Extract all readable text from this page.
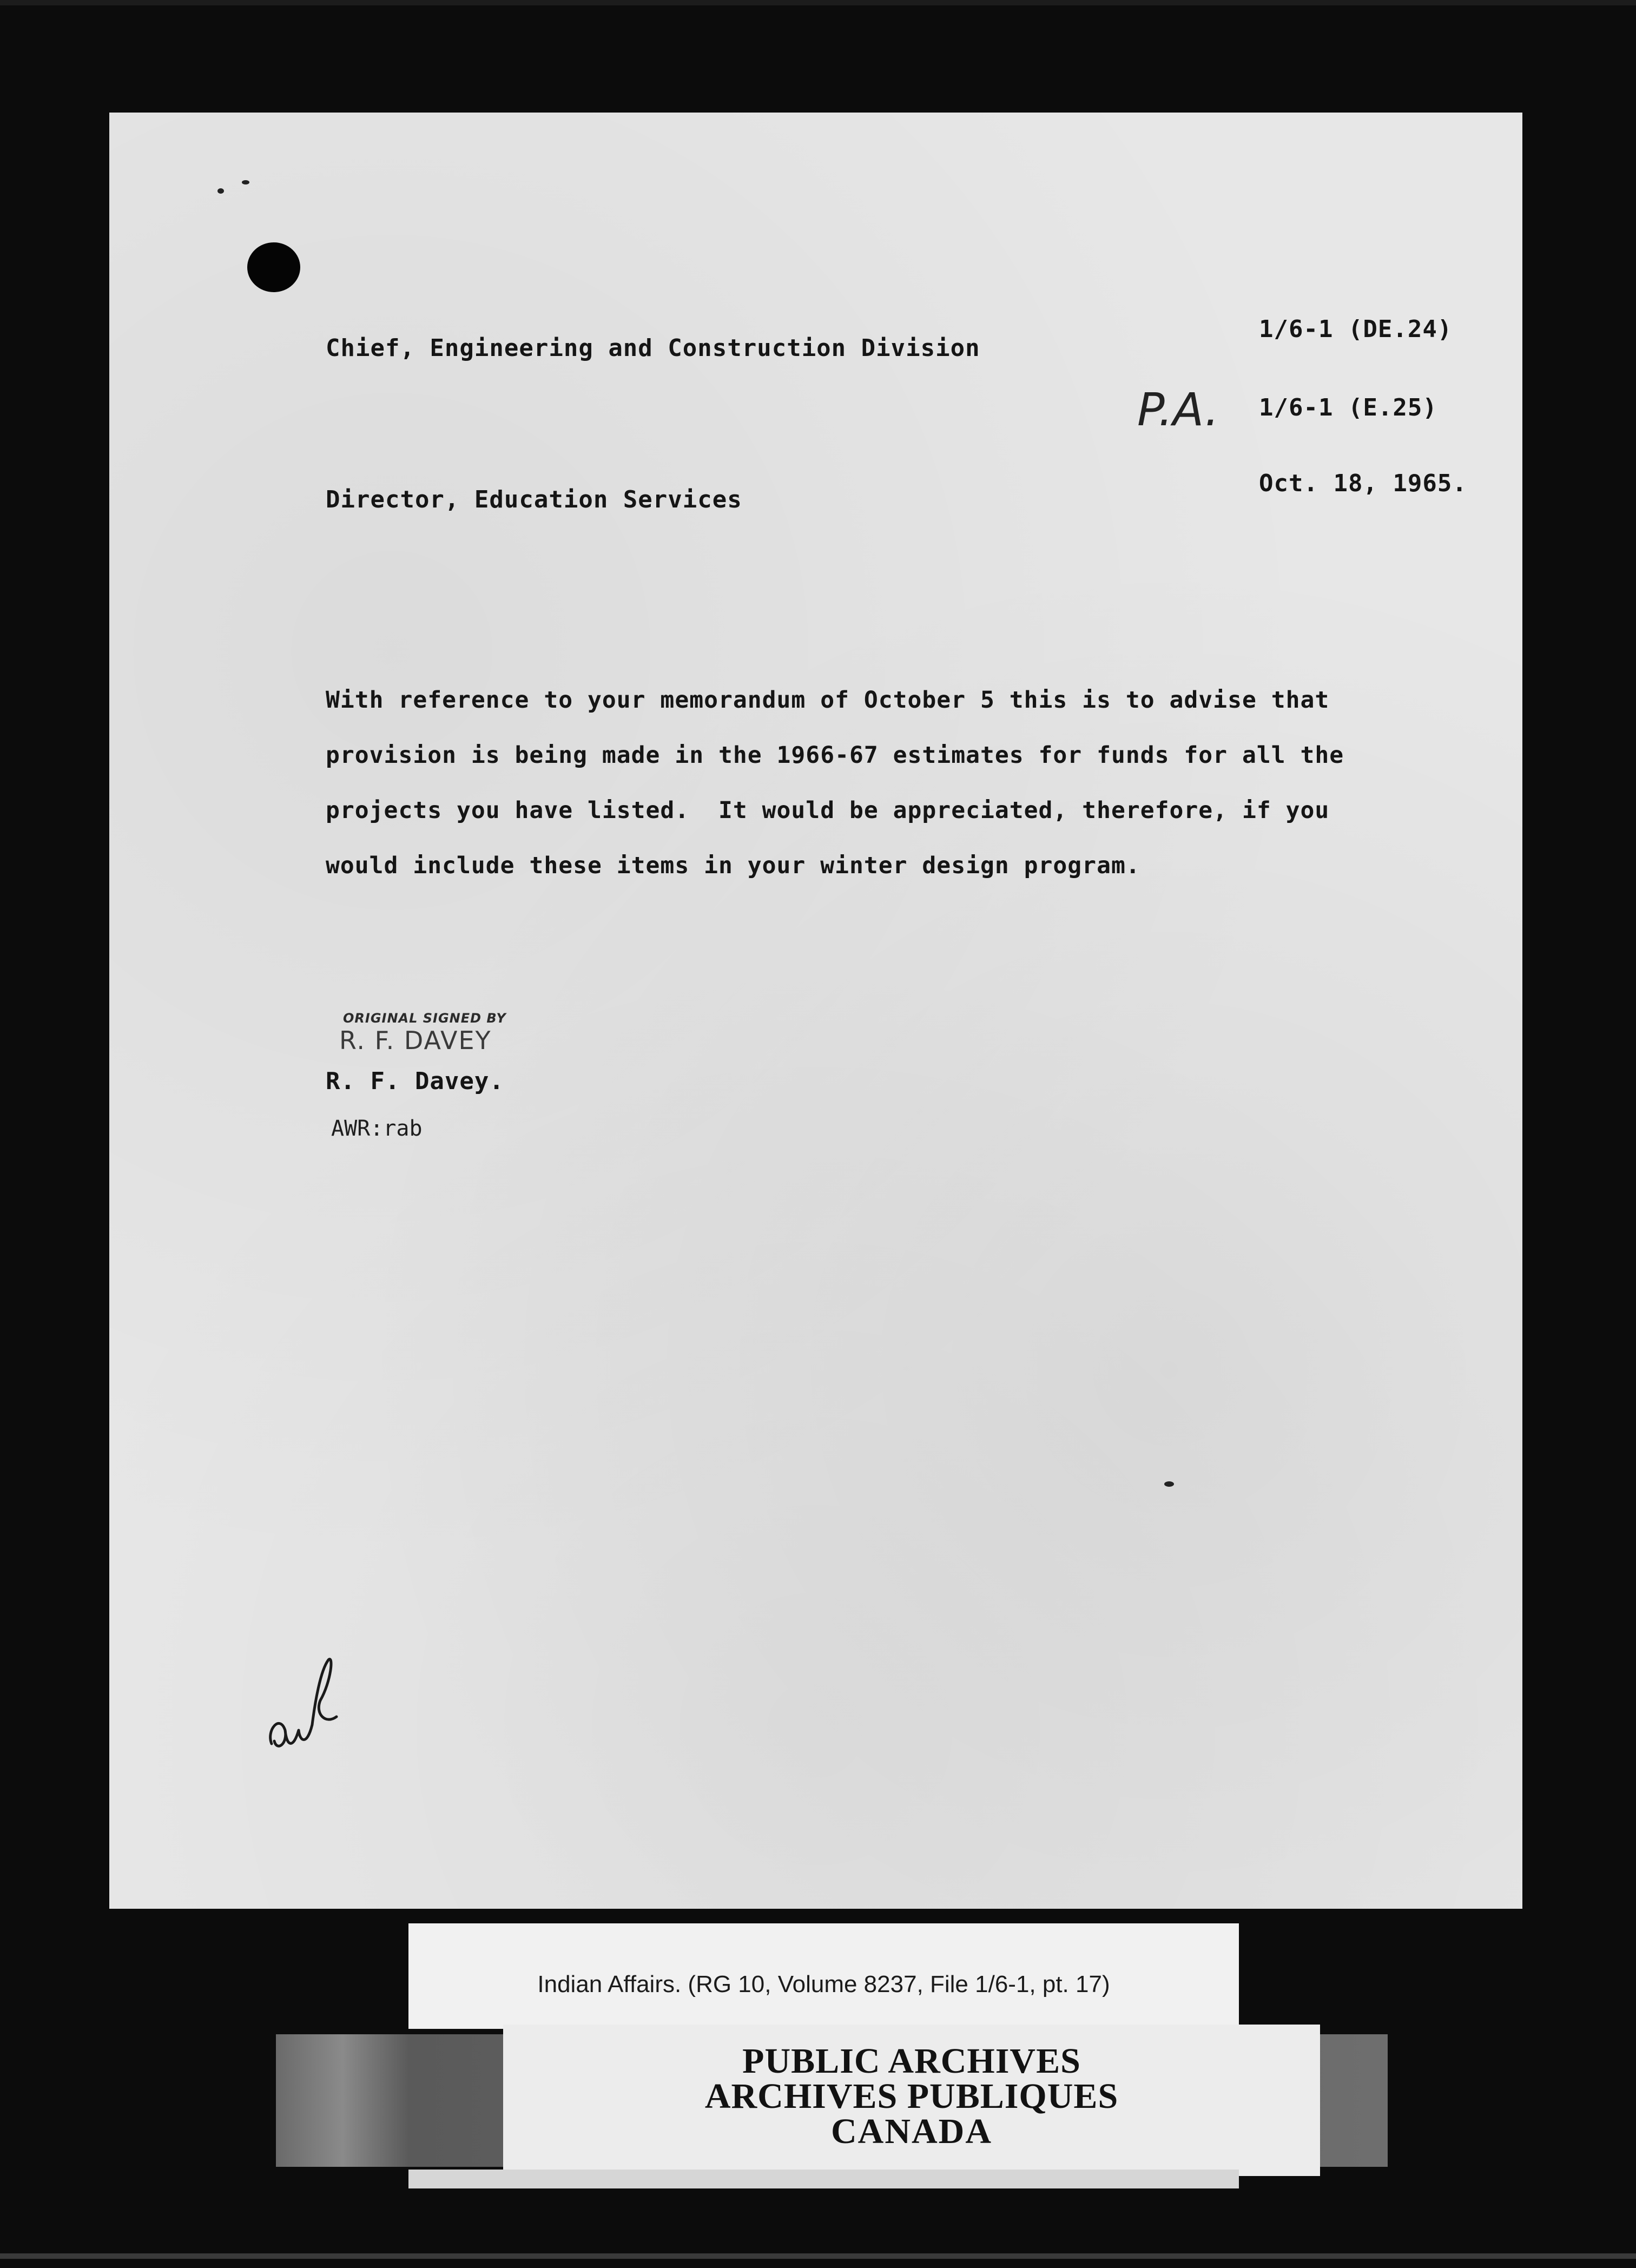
Chief, Engineering and Construction Division
1/6-1 (DE.24)
P.A. 1/6-1 (E.25)
Director, Education Services
Oct. 18, 1965.
With reference to your memorandum of October 5 this is to advise that
provision is being made in the 1966-67 estimates for funds for all the
projects you have listed.  It would be appreciated, therefore, if you
would include these items in your winter design program.
ORIGINAL SIGNED BY
R. F. DAVEY
R. F. Davey.
AWR:rab
Indian Affairs. (RG 10, Volume 8237, File 1/6-1, pt. 17)
PUBLIC ARCHIVES
ARCHIVES PUBLIQUES
CANADA
